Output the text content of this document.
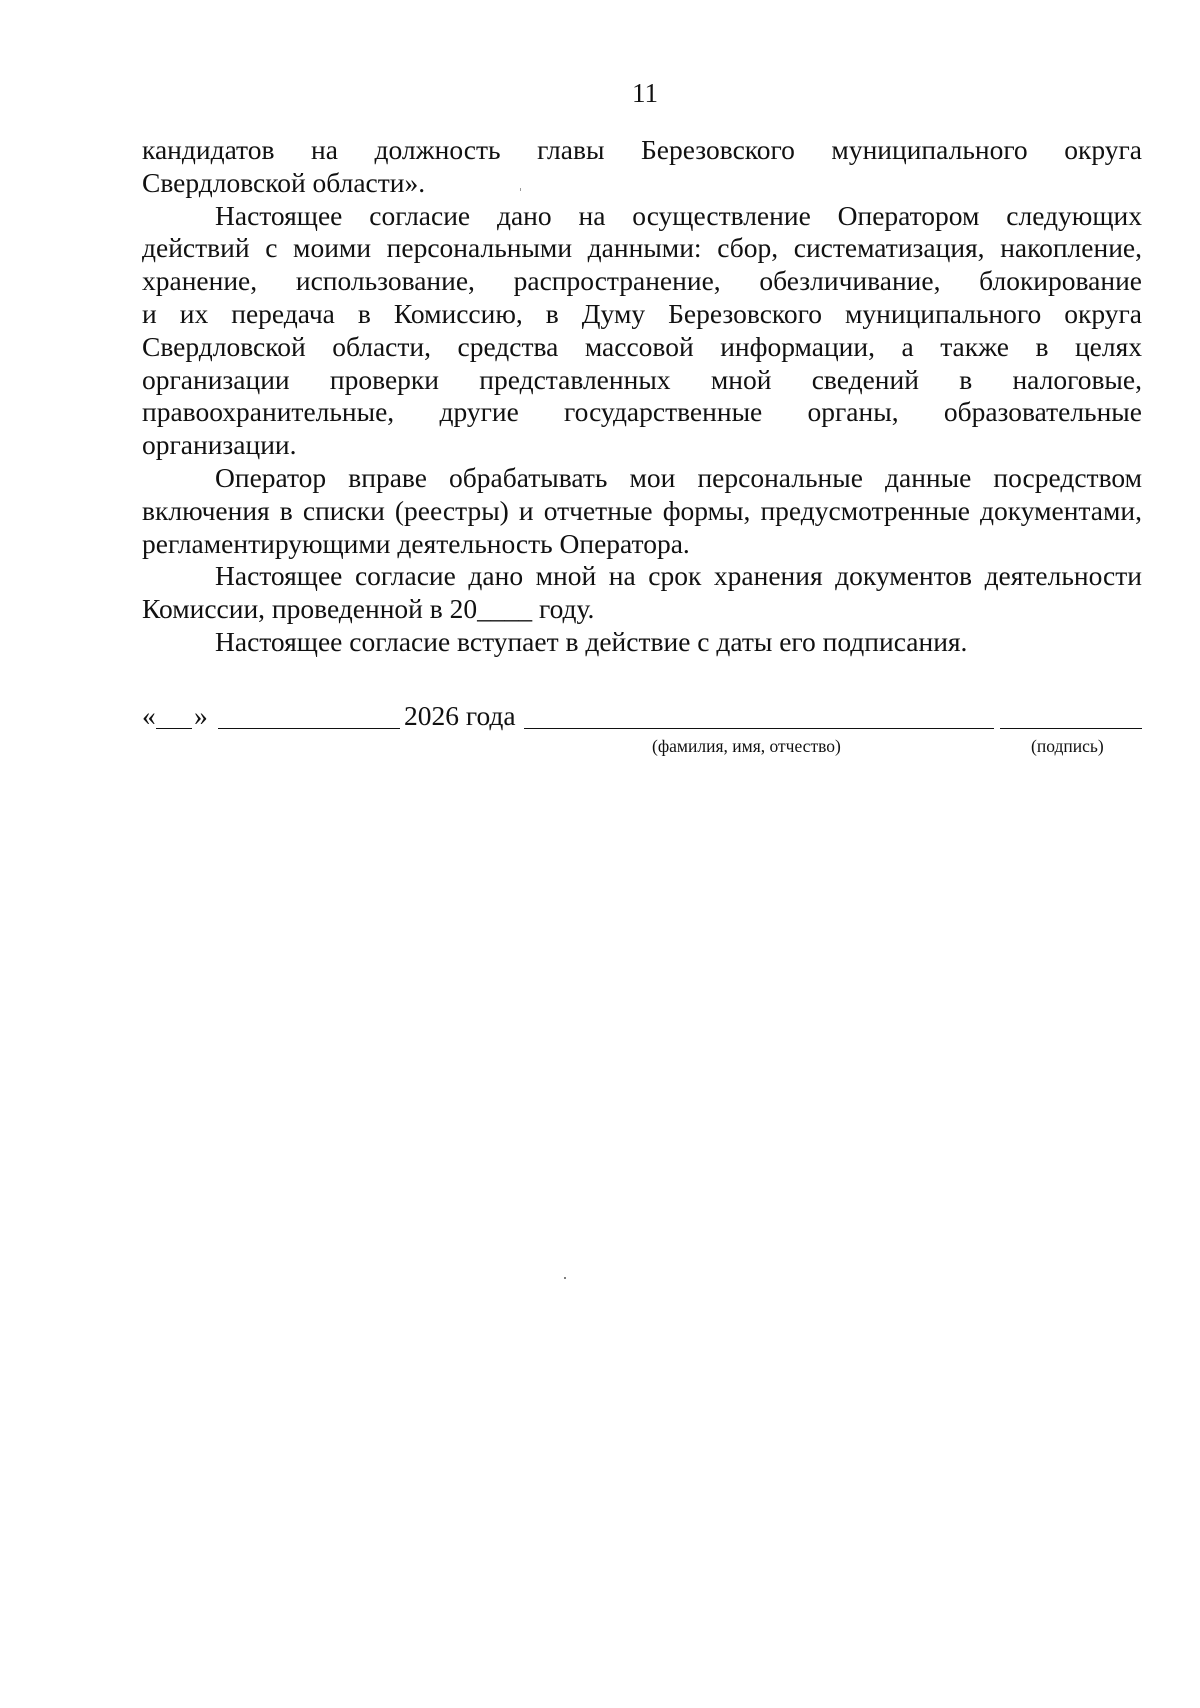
11
кандидатов на должность главы Березовского муниципального округа
Свердловской области».
Настоящее согласие дано на осуществление Оператором следующих
действий с моими персональными данными: сбор, систематизация, накопление,
хранение, использование, распространение, обезличивание, блокирование
и их передача в Комиссию, в Думу Березовского муниципального округа
Свердловской области, средства массовой информации, а также в целях
организации проверки представленных мной сведений в налоговые,
правоохранительные, другие государственные органы, образовательные
организации.
Оператор вправе обрабатывать мои персональные данные посредством
включения в списки (реестры) и отчетные формы, предусмотренные документами,
регламентирующими деятельность Оператора.
Настоящее согласие дано мной на срок хранения документов деятельности
Комиссии, проведенной в 20____ году.
Настоящее согласие вступает в действие с даты его подписания.
« »	2026 года
(фамилия, имя, отчество)	(подпись)
